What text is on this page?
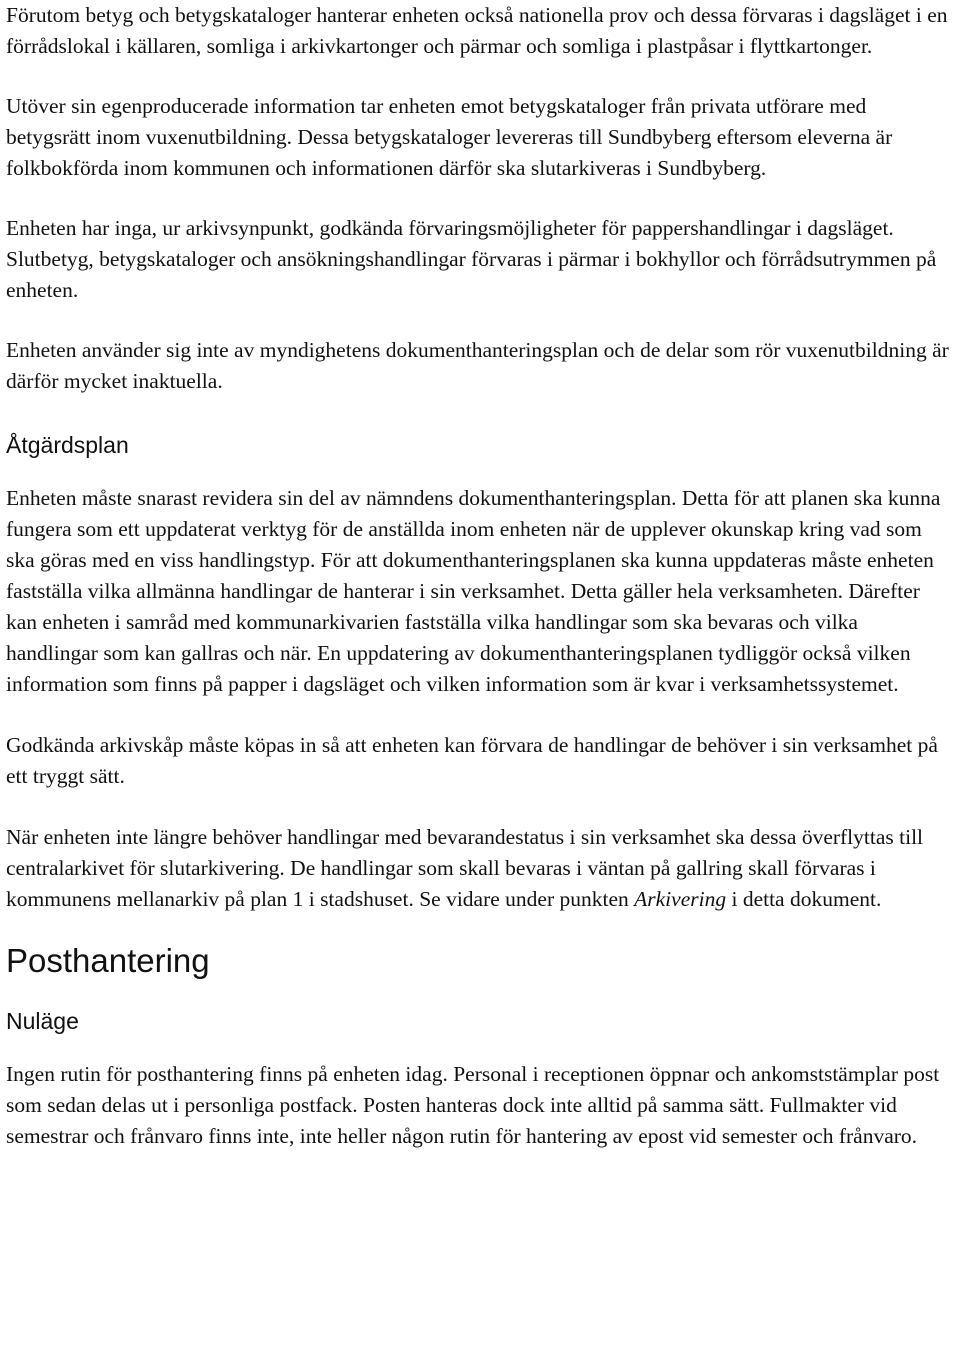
Förutom betyg och betygskataloger hanterar enheten också nationella prov och dessa förvaras i dagsläget i en förrådslokal i källaren, somliga i arkivkartonger och pärmar och somliga i plastpåsar i flyttkartonger.

Utöver sin egenproducerade information tar enheten emot betygskataloger från privata utförare med betygsrätt inom vuxenutbildning. Dessa betygskataloger levereras till Sundbyberg eftersom eleverna är folkbokförda inom kommunen och informationen därför ska slutarkiveras i Sundbyberg.

Enheten har inga, ur arkivsynpunkt, godkända förvaringsmöjligheter för pappershandlingar i dagsläget. Slutbetyg, betygskataloger och ansökningshandlingar förvaras i pärmar i bokhyllor och förrådsutrymmen på enheten.

Enheten använder sig inte av myndighetens dokumenthanteringsplan och de delar som rör vuxenutbildning är därför mycket inaktuella.

Åtgärdsplan

Enheten måste snarast revidera sin del av nämndens dokumenthanteringsplan. Detta för att planen ska kunna fungera som ett uppdaterat verktyg för de anställda inom enheten när de upplever okunskap kring vad som ska göras med en viss handlingstyp. För att dokumenthanteringsplanen ska kunna uppdateras måste enheten fastställa vilka allmänna handlingar de hanterar i sin verksamhet. Detta gäller hela verksamheten. Därefter kan enheten i samråd med kommunarkivarien fastställa vilka handlingar som ska bevaras och vilka handlingar som kan gallras och när. En uppdatering av dokumenthanteringsplanen tydliggör också vilken information som finns på papper i dagsläget och vilken information som är kvar i verksamhetssystemet.

Godkända arkivskåp måste köpas in så att enheten kan förvara de handlingar de behöver i sin verksamhet på ett tryggt sätt.

När enheten inte längre behöver handlingar med bevarandestatus i sin verksamhet ska dessa överflyttas till centralarkivet för slutarkivering. De handlingar som skall bevaras i väntan på gallring skall förvaras i kommunens mellanarkiv på plan 1 i stadshuset. Se vidare under punkten Arkivering i detta dokument.

Posthantering
Nuläge

Ingen rutin för posthantering finns på enheten idag. Personal i receptionen öppnar och ankomststämplar post som sedan delas ut i personliga postfack. Posten hanteras dock inte alltid på samma sätt. Fullmakter vid semestrar och frånvaro finns inte, inte heller någon rutin för hantering av epost vid semester och frånvaro.
